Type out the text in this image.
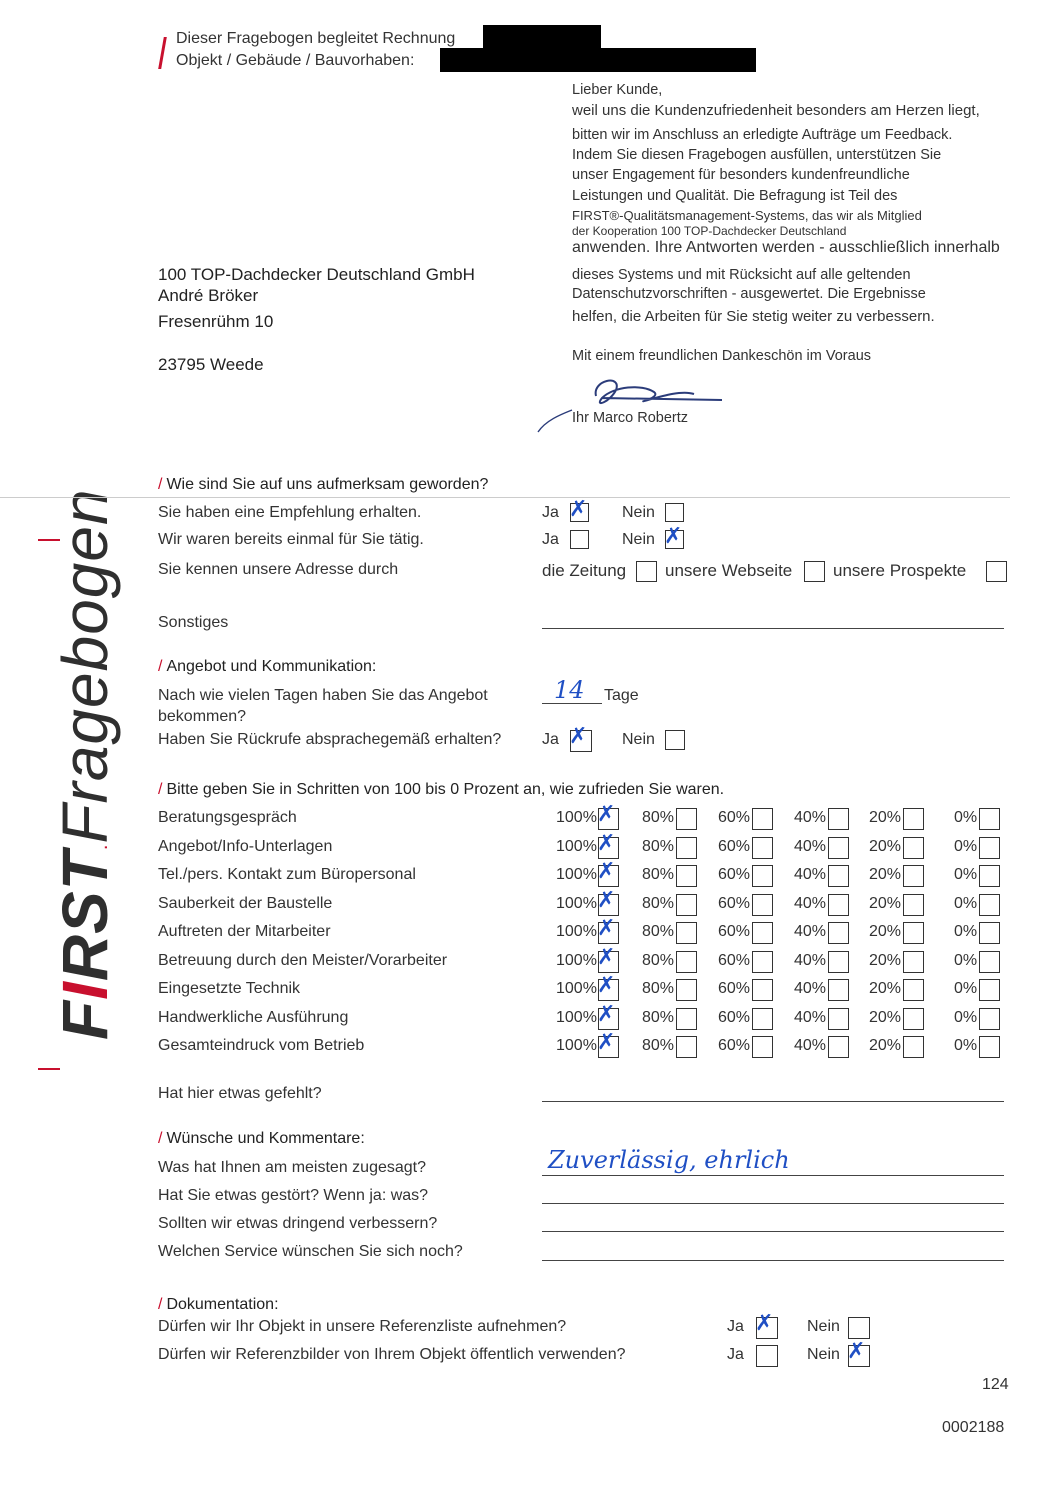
Dieser Fragebogen begleitet Rechnung
Objekt / Gebäude / Bauvorhaben:
Lieber Kunde,
weil uns die Kundenzufriedenheit besonders am Herzen liegt,
bitten wir im Anschluss an erledigte Aufträge um Feedback.
Indem Sie diesen Fragebogen ausfüllen, unterstützen Sie
unser Engagement für besonders kundenfreundliche
Leistungen und Qualität. Die Befragung ist Teil des
FIRST®-Qualitätsmanagement-Systems, das wir als Mitglied
der Kooperation 100 TOP-Dachdecker Deutschland
anwenden. Ihre Antworten werden - ausschließlich innerhalb
dieses Systems und mit Rücksicht auf alle geltenden
Datenschutzvorschriften - ausgewertet. Die Ergebnisse
helfen, die Arbeiten für Sie stetig weiter zu verbessern.
Mit einem freundlichen Dankeschön im Voraus
Ihr Marco Robertz
100 TOP-Dachdecker Deutschland GmbH
André Bröker
Fresenrühm 10
23795 Weede
FIRST.Fragebogen
/ Wie sind Sie auf uns aufmerksam geworden?
Sie haben eine Empfehlung erhalten.	Ja ✗ Nein
Wir waren bereits einmal für Sie tätig.	Ja	Nein ✗
Sie kennen unsere Adresse durch	die Zeitung unsere Webseite unsere Prospekte
Sonstiges
/ Angebot und Kommunikation:
Nach wie vielen Tagen haben Sie das Angebot
bekommen?
14 Tage
Haben Sie Rückrufe absprachegemäß erhalten?	Ja ✗ Nein
/ Bitte geben Sie in Schritten von 100 bis 0 Prozent an, wie zufrieden Sie waren.
Beratungsgespräch	100% ✗ 80%	60%	40%	20%	0%
Angebot/Info-Unterlagen	100% ✗ 80%	60%	40%	20%	0%
Tel./pers. Kontakt zum Büropersonal	100% ✗ 80%	60%	40%	20%	0%
Sauberkeit der Baustelle	100% ✗ 80%	60%	40%	20%	0%
Auftreten der Mitarbeiter	100% ✗ 80%	60%	40%	20%	0%
Betreuung durch den Meister/Vorarbeiter	100% ✗ 80%	60%	40%	20%	0%
Eingesetzte Technik	100% ✗ 80%	60%	40%	20%	0%
Handwerkliche Ausführung	100% ✗ 80%	60%	40%	20%	0%
Gesamteindruck vom Betrieb	100% ✗ 80%	60%	40%	20%	0%
Hat hier etwas gefehlt?
/ Wünsche und Kommentare:
Was hat Ihnen am meisten zugesagt?	Zuverlässig, ehrlich
Hat Sie etwas gestört? Wenn ja: was?
Sollten wir etwas dringend verbessern?
Welchen Service wünschen Sie sich noch?
/ Dokumentation:
Dürfen wir Ihr Objekt in unsere Referenzliste aufnehmen?	Ja ✗ Nein
Dürfen wir Referenzbilder von Ihrem Objekt öffentlich verwenden?	Ja	Nein ✗
124
0002188
